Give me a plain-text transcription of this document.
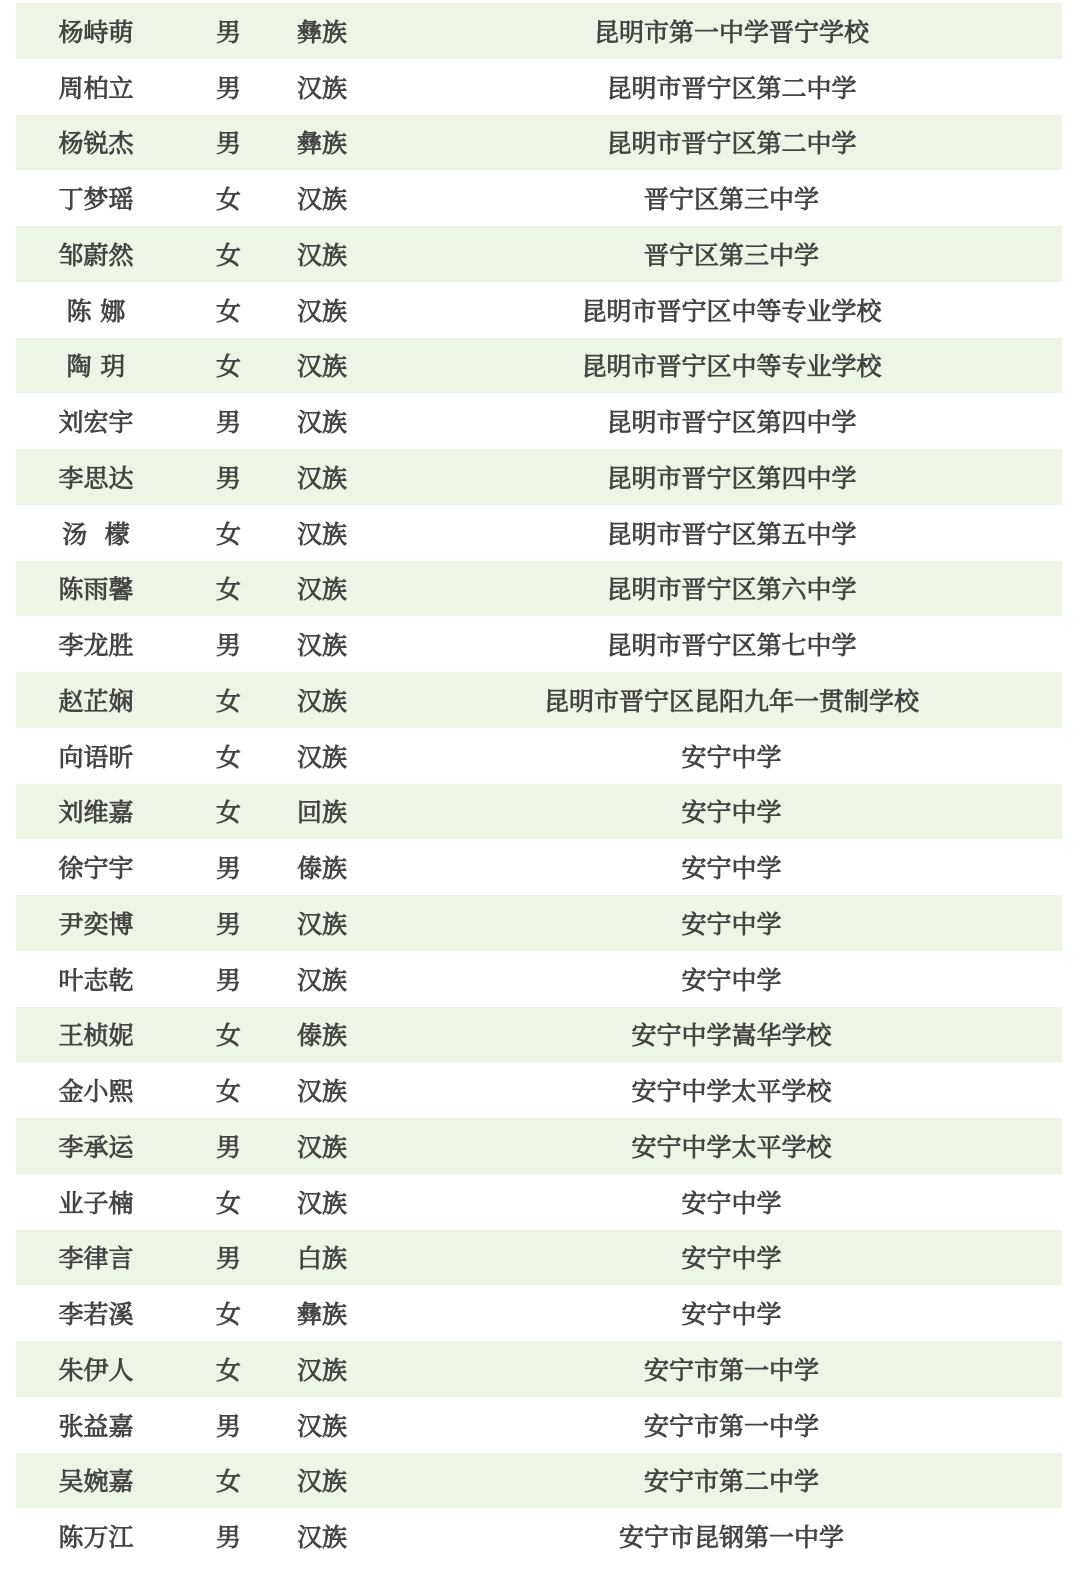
杨峙萌	男	彝族	昆明市第一中学晋宁学校
周柏立	男	汉族	昆明市晋宁区第二中学
杨锐杰	男	彝族	昆明市晋宁区第二中学
丁梦瑶	女	汉族	晋宁区第三中学
邹蔚然	女	汉族	晋宁区第三中学
陈 娜	女	汉族	昆明市晋宁区中等专业学校
陶 玥	女	汉族	昆明市晋宁区中等专业学校
刘宏宇	男	汉族	昆明市晋宁区第四中学
李思达	男	汉族	昆明市晋宁区第四中学
汤  檬	女	汉族	昆明市晋宁区第五中学
陈雨馨	女	汉族	昆明市晋宁区第六中学
李龙胜	男	汉族	昆明市晋宁区第七中学
赵芷娴	女	汉族	昆明市晋宁区昆阳九年一贯制学校
向语昕	女	汉族	安宁中学
刘维嘉	女	回族	安宁中学
徐宁宇	男	傣族	安宁中学
尹奕博	男	汉族	安宁中学
叶志乾	男	汉族	安宁中学
王桢妮	女	傣族	安宁中学嵩华学校
金小熙	女	汉族	安宁中学太平学校
李承运	男	汉族	安宁中学太平学校
业子楠	女	汉族	安宁中学
李律言	男	白族	安宁中学
李若溪	女	彝族	安宁中学
朱伊人	女	汉族	安宁市第一中学
张益嘉	男	汉族	安宁市第一中学
吴婉嘉	女	汉族	安宁市第二中学
陈万江	男	汉族	安宁市昆钢第一中学
